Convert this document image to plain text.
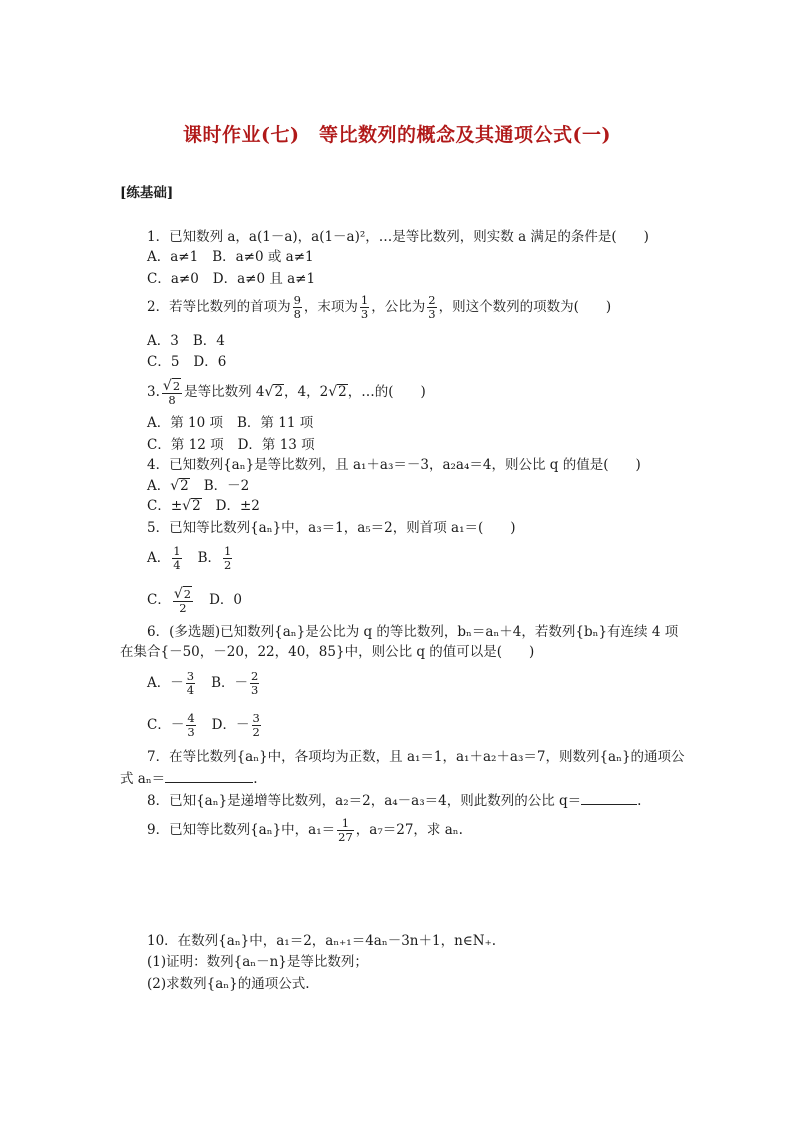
课时作业(七)　等比数列的概念及其通项公式(一)
[练基础]
1．已知数列 a，a(1－a)，a(1－a)²，…是等比数列，则实数 a 满足的条件是(　　)
A．a≠1 B．a≠0 或 a≠1
C．a≠0 D．a≠0 且 a≠1
2．若等比数列的首项为 $\frac{9}{8}$ ，末项为 $\frac{1}{3}$ ，公比为 $\frac{2}{3}$ ，则这个数列的项数为(　　)
A．3 B．4
C．5 D．6
3. $\frac{√2}{8}$ 是等比数列 4√2，4，2√2，…的(　　)
A．第 10 项 B．第 11 项
C．第 12 项 D．第 13 项
4．已知数列{aₙ}是等比数列，且 a₁＋a₃＝－3，a₂a₄＝4，则公比 q 的值是(　　)
A．√2 B．－2
C．±√2 D．±2
5．已知等比数列{aₙ}中，a₃＝1，a₅＝2，则首项 a₁＝(　　)
A． $\frac{1}{4}$ B． $\frac{1}{2}$
C． $\frac{√2}{2}$ D．0
6．(多选题)已知数列{aₙ}是公比为 q 的等比数列，bₙ＝aₙ＋4，若数列{bₙ}有连续 4 项
在集合{－50，－20，22，40，85}中，则公比 q 的值可以是(　　)
A．－ $\frac{3}{4}$ B．－ $\frac{2}{3}$
C．－ $\frac{4}{3}$ D．－ $\frac{3}{2}$
7．在等比数列{aₙ}中，各项均为正数，且 a₁＝1，a₁＋a₂＋a₃＝7，则数列{aₙ}的通项公
式 aₙ＝	.
8．已知{aₙ}是递增等比数列，a₂＝2，a₄－a₃＝4，则此数列的公比 q＝	.
9．已知等比数列{aₙ}中，$a_1= \frac{1}{27}$ ，a₇＝27，求 aₙ.
10．在数列{aₙ}中，a₁＝2，aₙ₊₁＝4aₙ－3n＋1，n∈N₊.
(1)证明：数列{aₙ－n}是等比数列；
(2)求数列{aₙ}的通项公式.
